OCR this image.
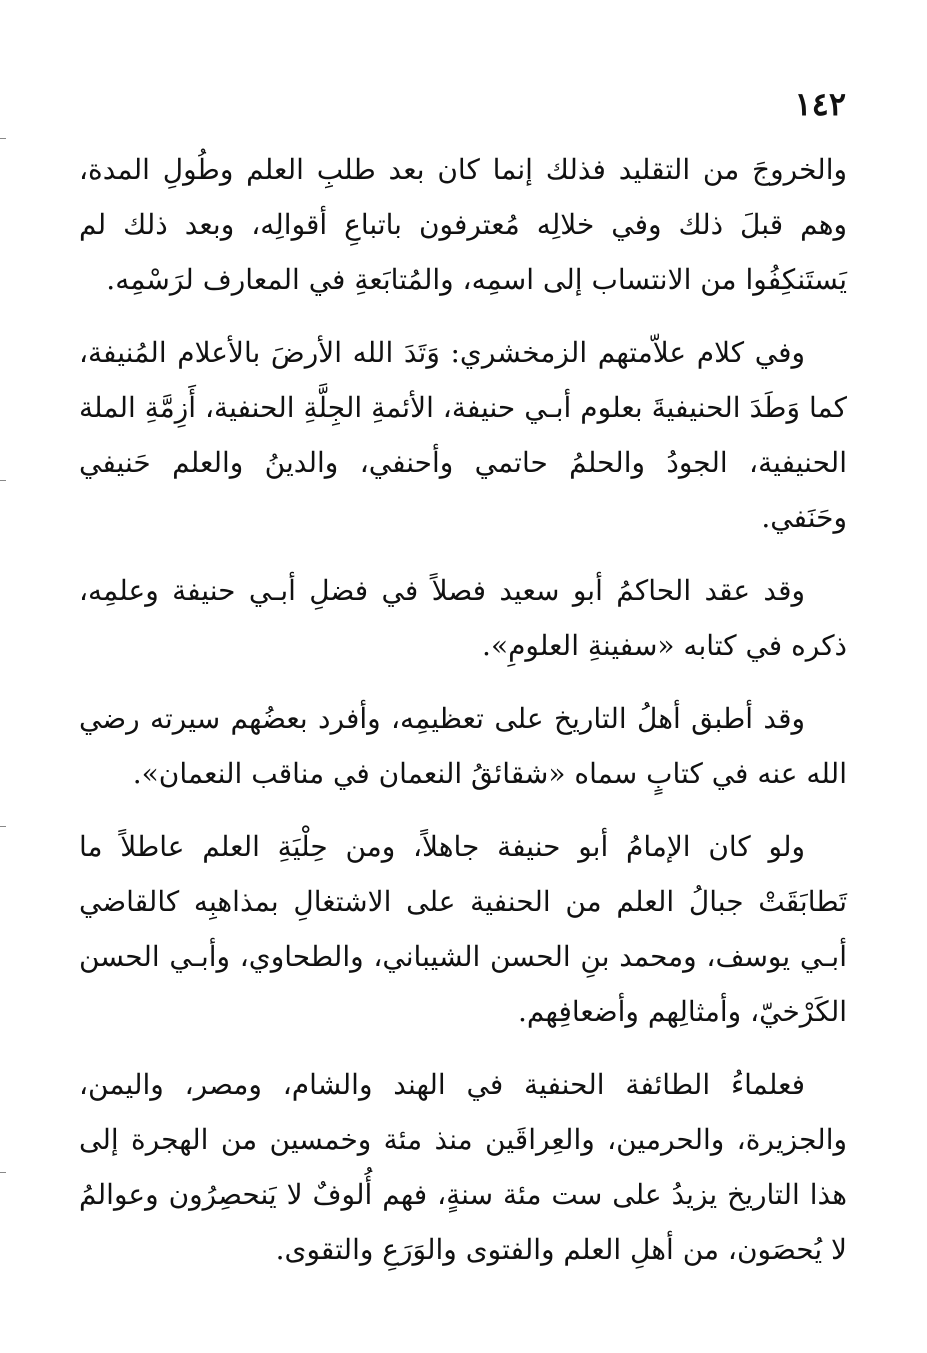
١٤٢

والخروجَ من التقليد فذلك إنما كان بعد طلبِ العلم وطُولِ المدة، وهم قبلَ ذلك وفي خلالِه مُعترفون باتباعِ أقوالِه، وبعد ذلك لم يَستَنكِفُوا من الانتساب إلى اسمِه، والمُتابَعةِ في المعارف لرَسْمِه.

وفي كلام علاّمتهم الزمخشري: وَتَدَ الله الأرضَ بالأعلام المُنيفة، كما وَطَدَ الحنيفيةَ بعلوم أبـي حنيفة، الأئمةِ الجِلَّةِ الحنفية، أَزِمَّةِ الملة الحنيفية، الجودُ والحلمُ حاتمي وأحنفي، والدينُ والعلم حَنيفي وحَنَفي.

وقد عقد الحاكمُ أبو سعيد فصلاً في فضلِ أبـي حنيفة وعلمِه، ذكره في كتابه «سفينةِ العلومِ».

وقد أطبق أهلُ التاريخ على تعظيمِه، وأفرد بعضُهم سيرته رضي الله عنه في كتابٍ سماه «شقائقُ النعمان في مناقب النعمان».

ولو كان الإمامُ أبو حنيفة جاهلاً، ومن حِلْيَةِ العلم عاطلاً ما تَطابَقَتْ جبالُ العلم من الحنفية على الاشتغالِ بمذاهبِه كالقاضي أبـي يوسف، ومحمد بنِ الحسن الشيباني، والطحاوي، وأبـي الحسن الكَرْخيّ، وأمثالِهم وأضعافِهم.

فعلماءُ الطائفة الحنفية في الهند والشام، ومصر، واليمن، والجزيرة، والحرمين، والعِراقَين منذ مئة وخمسين من الهجرة إلى هذا التاريخ يزيدُ على ست مئة سنةٍ، فهم أُلوفٌ لا يَنحصِرُون وعوالمُ لا يُحصَون، من أهلِ العلم والفتوى والوَرَعِ والتقوى.
